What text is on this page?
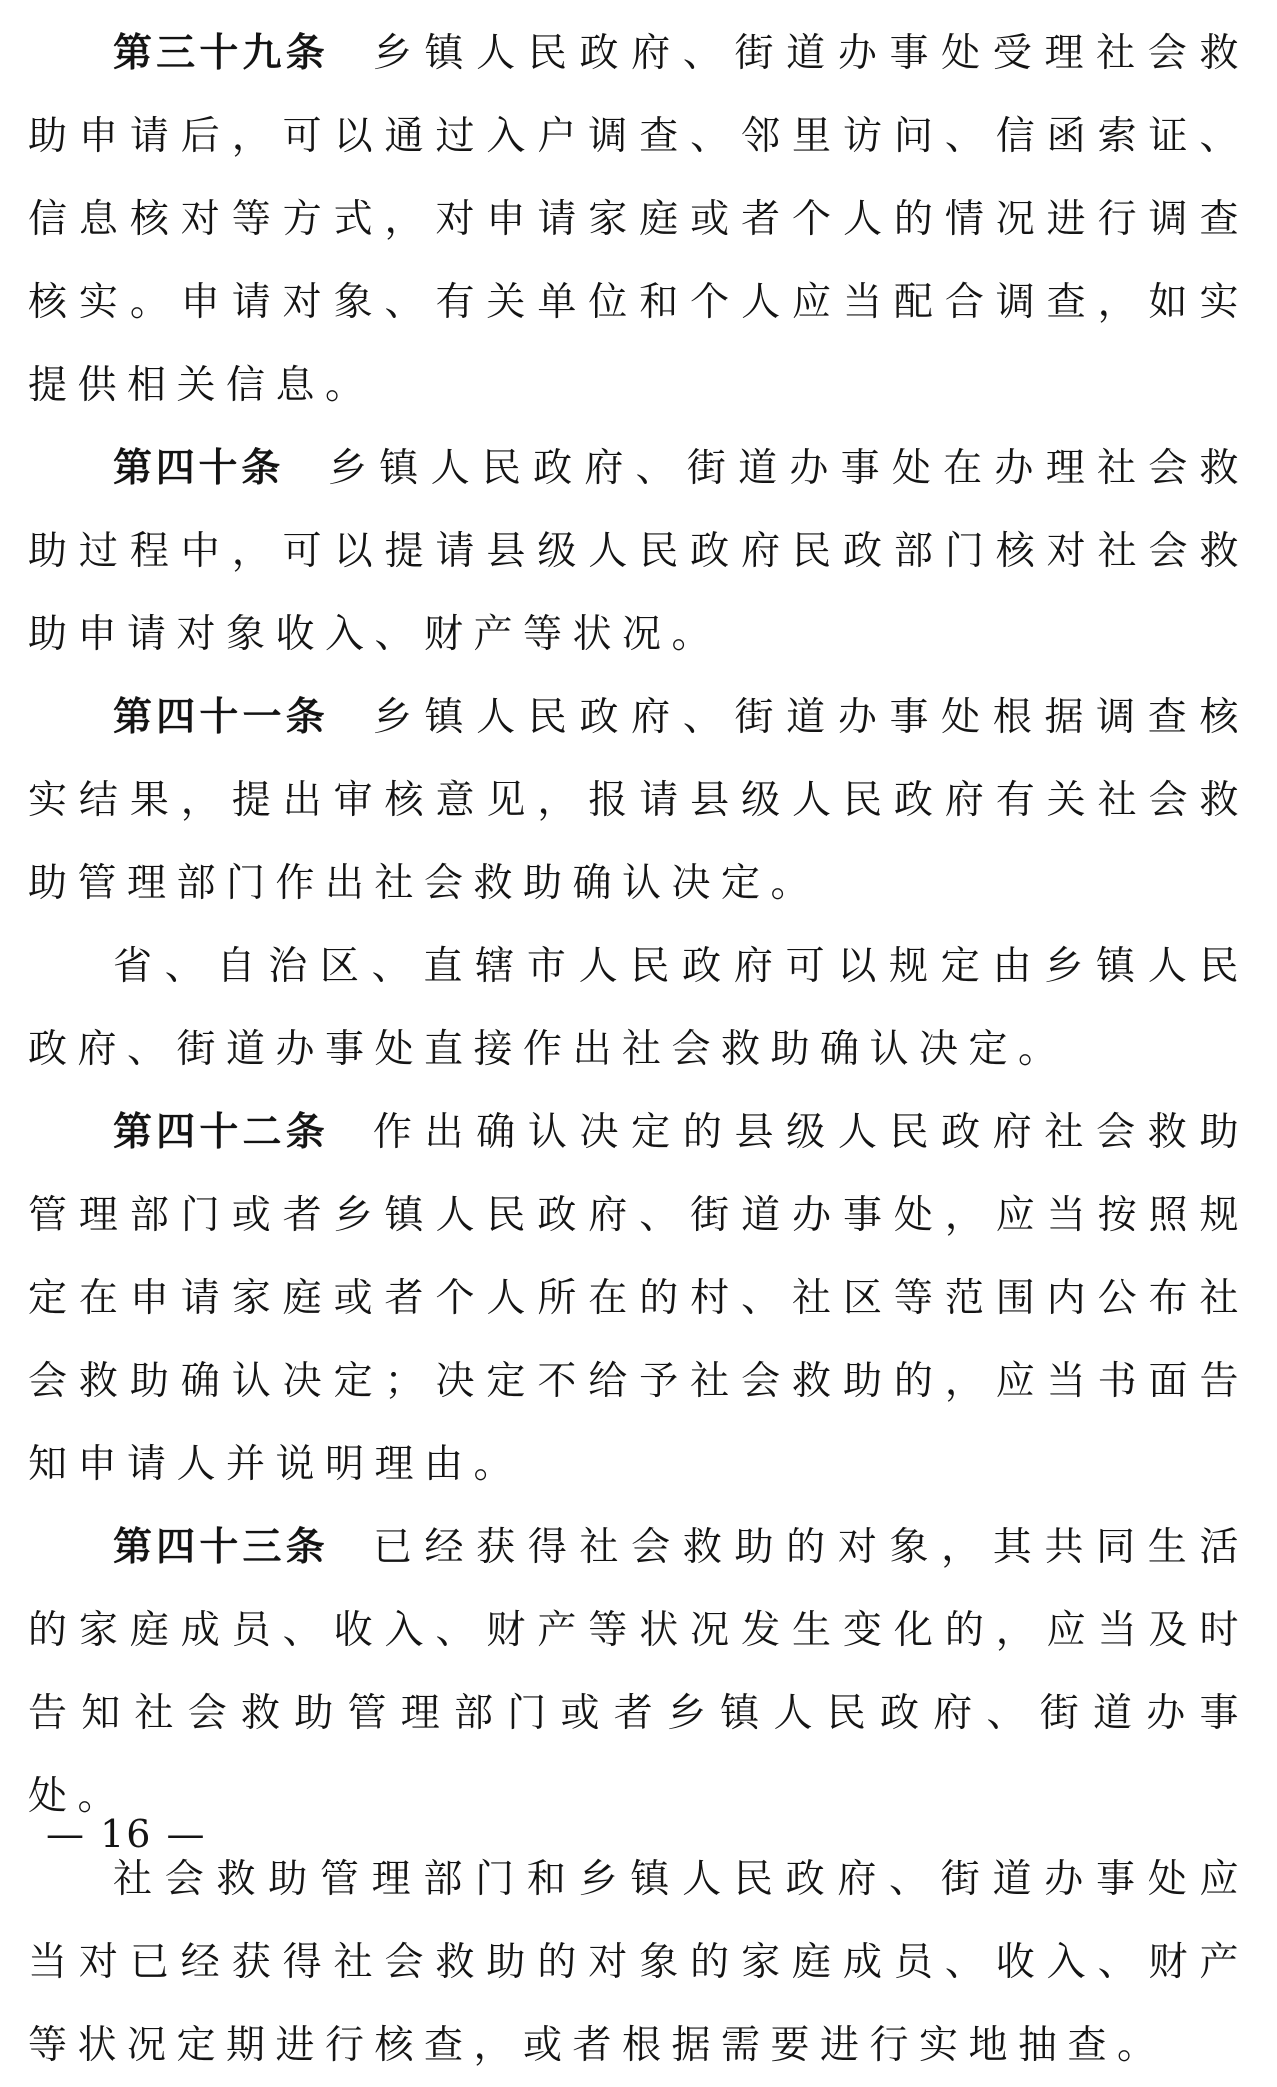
第三十九条 乡镇人民政府、街道办事处受理社会救助申请后，可以通过入户调查、邻里访问、信函索证、信息核对等方式，对申请家庭或者个人的情况进行调查核实。申请对象、有关单位和个人应当配合调查，如实提供相关信息。

第四十条 乡镇人民政府、街道办事处在办理社会救助过程中，可以提请县级人民政府民政部门核对社会救助申请对象收入、财产等状况。

第四十一条 乡镇人民政府、街道办事处根据调查核实结果，提出审核意见，报请县级人民政府有关社会救助管理部门作出社会救助确认决定。

省、自治区、直辖市人民政府可以规定由乡镇人民政府、街道办事处直接作出社会救助确认决定。

第四十二条 作出确认决定的县级人民政府社会救助管理部门或者乡镇人民政府、街道办事处，应当按照规定在申请家庭或者个人所在的村、社区等范围内公布社会救助确认决定；决定不给予社会救助的，应当书面告知申请人并说明理由。

第四十三条 已经获得社会救助的对象，其共同生活的家庭成员、收入、财产等状况发生变化的，应当及时告知社会救助管理部门或者乡镇人民政府、街道办事处。

社会救助管理部门和乡镇人民政府、街道办事处应当对已经获得社会救助的对象的家庭成员、收入、财产等状况定期进行核查，或者根据需要进行实地抽查。

— 16 —
